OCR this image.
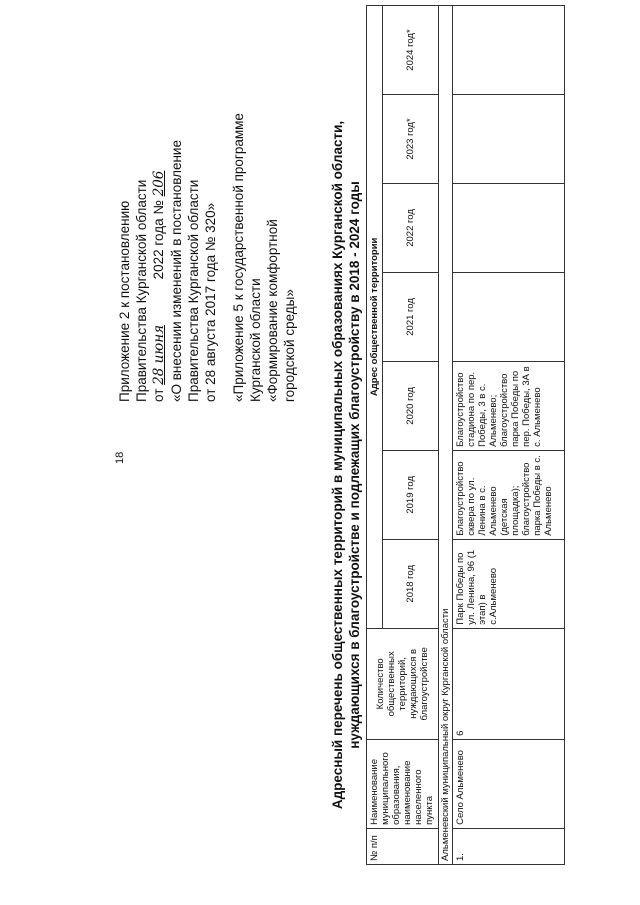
18
Приложение 2 к постановлению Правительства Курганской области от 28 июня  2022 года № 206 «О внесении изменений в постановление Правительства Курганской области от 28 августа 2017 года № 320» «Приложение 5 к государственной программе Курганской области «Формирование комфортной городской среды» Адресный перечень общественных территорий в муниципальных образованиях Курганской области, нуждающихся в благоустройстве и подлежащих благоустройству в 2018 - 2024 годы
№ п/п	Наименование муниципального образования, наименование населенного пункта	Количество общественных территорий, нуждающихся в благоустройстве	Адрес общественной территории						
			2018 год	2019 год	2020 год	2021 год	2022 год	2023 год*	2024 год*
Альменевский муниципальный округ Курганской области									
1.	Село Альменево	6	Парк Победы по ул. Ленина, 96 (1 этап) в с.Альменево	Благоустройство сквера по ул. Ленина в с. Альменево (детская площадка); благоустройство парка Победы в с. Альменево	Благоустройство стадиона по пер. Победы, 3 в с. Альменево; благоустройство парка Победы по пер. Победы, 3А в с. Альменево				
